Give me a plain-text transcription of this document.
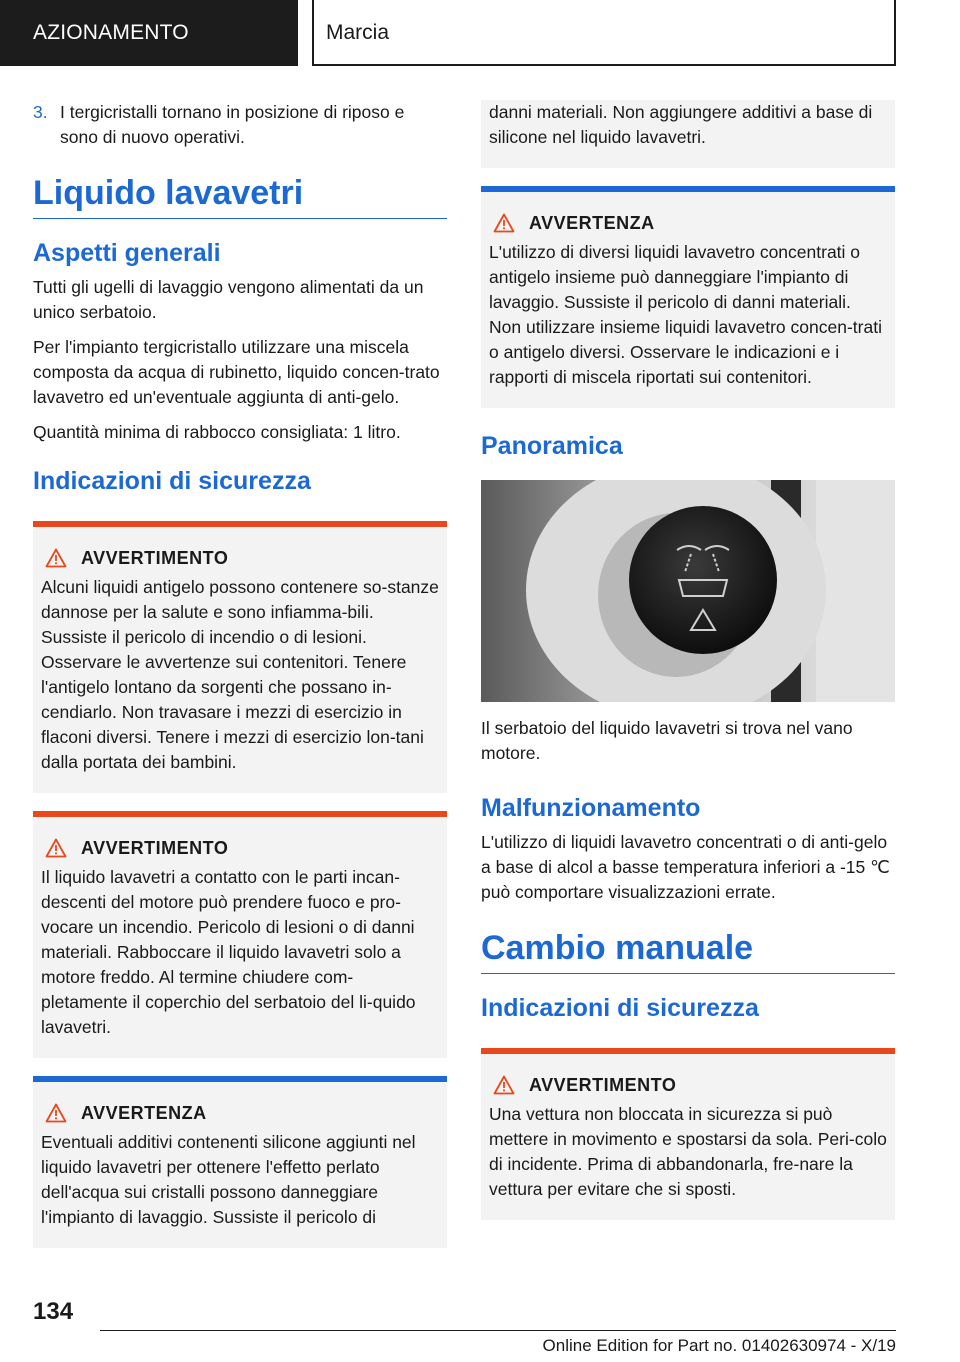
AZIONAMENTO	Marcia
3. I tergicristalli tornano in posizione di riposo e sono di nuovo operativi.
Liquido lavavetri
Aspetti generali
Tutti gli ugelli di lavaggio vengono alimentati da un unico serbatoio.
Per l'impianto tergicristallo utilizzare una miscela composta da acqua di rubinetto, liquido concen-trato lavavetro ed un'eventuale aggiunta di anti-gelo.
Quantità minima di rabbocco consigliata: 1 litro.
Indicazioni di sicurezza
AVVERTIMENTO
Alcuni liquidi antigelo possono contenere so-stanze dannose per la salute e sono infiamma-bili. Sussiste il pericolo di incendio o di lesioni. Osservare le avvertenze sui contenitori. Tenere l'antigelo lontano da sorgenti che possano in-cendiarlo. Non travasare i mezzi di esercizio in flaconi diversi. Tenere i mezzi di esercizio lon-tani dalla portata dei bambini.
AVVERTIMENTO
Il liquido lavavetri a contatto con le parti incan-descenti del motore può prendere fuoco e pro-vocare un incendio. Pericolo di lesioni o di danni materiali. Rabboccare il liquido lavavetri solo a motore freddo. Al termine chiudere com-pletamente il coperchio del serbatoio del li-quido lavavetri.
AVVERTENZA
Eventuali additivi contenenti silicone aggiunti nel liquido lavavetri per ottenere l'effetto perlato dell'acqua sui cristalli possono danneggiare l'impianto di lavaggio. Sussiste il pericolo di
danni materiali. Non aggiungere additivi a base di silicone nel liquido lavavetri.
AVVERTENZA
L'utilizzo di diversi liquidi lavavetro concentrati o antigelo insieme può danneggiare l'impianto di lavaggio. Sussiste il pericolo di danni materiali. Non utilizzare insieme liquidi lavavetro concen-trati o antigelo diversi. Osservare le indicazioni e i rapporti di miscela riportati sui contenitori.
Panoramica
Il serbatoio del liquido lavavetri si trova nel vano motore.
Malfunzionamento
L'utilizzo di liquidi lavavetro concentrati o di anti-gelo a base di alcol a basse temperatura inferiori a -15 ℃ può comportare visualizzazioni errate.
Cambio manuale
Indicazioni di sicurezza
AVVERTIMENTO
Una vettura non bloccata in sicurezza si può mettere in movimento e spostarsi da sola. Peri-colo di incidente. Prima di abbandonarla, fre-nare la vettura per evitare che si sposti.
134
Online Edition for Part no. 01402630974 - X/19
